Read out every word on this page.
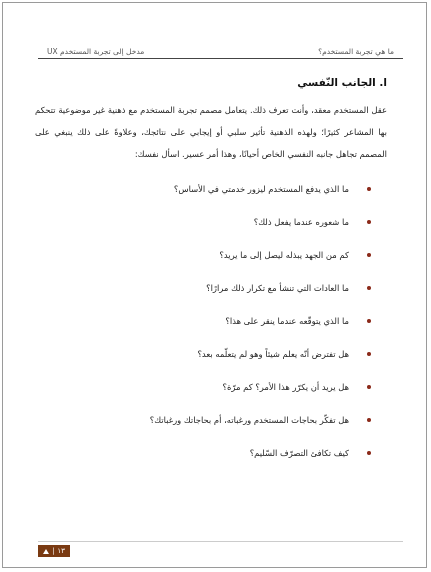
ما هي تجربة المستخدم؟
مدخل إلى تجربة المستخدم UX
ا. الجانب النّفسي
عقل المستخدم معقد، وأنت تعرف ذلك. يتعامل مصمم تجربة المستخدم مع ذهنية غير موضوعية تتحكم بها المشاعر كثيرًا؛ ولهذه الذهنية تأثير سلبي أو إيجابي على نتائجك، وعلاوةً على ذلك ينبغي على المصمم تجاهل جانبه النفسي الخاص أحيانًا، وهذا أمر عسير. اسأل نفسك:
ما الذي يدفع المستخدم ليزور خدمتي في الأساس؟
ما شعوره عندما يفعل ذلك؟
كم من الجهد يبذله ليصل إلى ما يريد؟
ما العادات التي تنشأ مع تكرار ذلك مرارًا؟
ما الذي يتوقّعه عندما ينقر على هذا؟
هل تفترض أنّه يعلم شيئاً وهو لم يتعلّمه بعد؟
هل يريد أن يكرّر هذا الأمر؟ كم مرّة؟
هل تفكّر بحاجات المستخدم ورغباته، أم بحاجاتك ورغباتك؟
كيف تكافئ التصرّف السّليم؟
١٣
|
